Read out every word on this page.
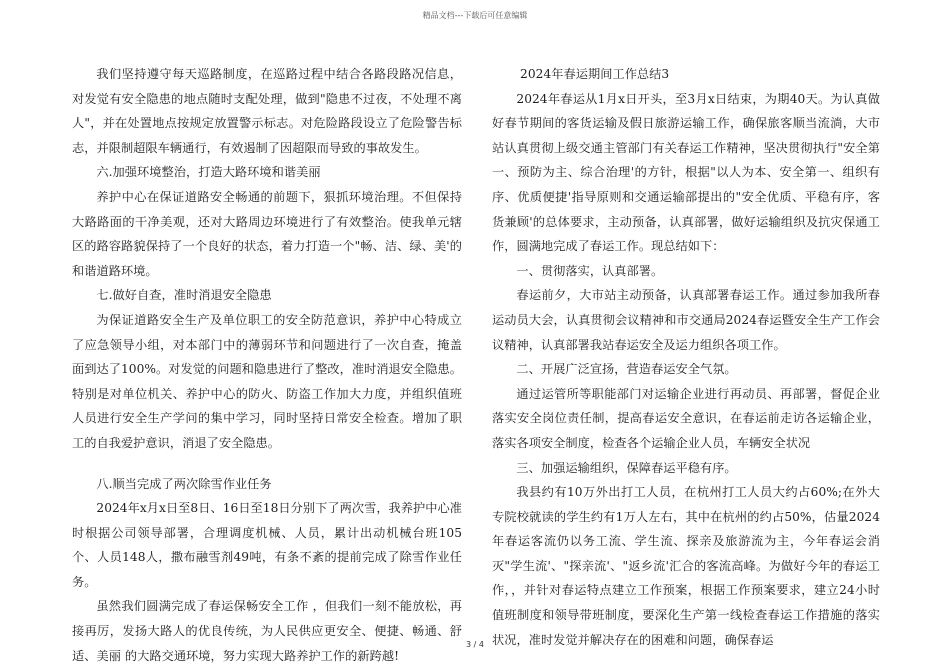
精品文档---下载后可任意编辑

我们坚持遵守每天巡路制度，在巡路过程中结合各路段路况信息，对发觉有安全隐患的地点随时支配处理，做到"隐患不过夜，不处理不离人"，并在处置地点按规定放置警示标志。对危险路段设立了危险警告标志，并限制超限车辆通行，有效遏制了因超限而导致的事故发生。

六.加强环境整治，打造大路环境和谐美丽

养护中心在保证道路安全畅通的前题下，狠抓环境治理。不但保持大路路面的干净美观，还对大路周边环境进行了有效整治。使我单元辖区的路容路貌保持了一个良好的状态，着力打造一个"畅、洁、绿、美'的和谐道路环境。

七.做好自查，准时消退安全隐患

为保证道路安全生产及单位职工的安全防范意识，养护中心特成立了应急领导小组，对本部门中的薄弱环节和问题进行了一次自查，掩盖面到达了100%。对发觉的问题和隐患进行了整改，准时消退安全隐患。特别是对单位机关、养护中心的防火、防盗工作加大力度，并组织值班人员进行安全生产学问的集中学习，同时坚持日常安全检查。增加了职工的自我爱护意识，消退了安全隐患。

八.顺当完成了两次除雪作业任务

2024年x月x日至8日、16日至18日分别下了两次雪，我养护中心准时根据公司领导部署，合理调度机械、人员，累计出动机械台班105个、人员148人，撒布融雪剂49吨，有条不紊的提前完成了除雪作业任务。

虽然我们圆满完成了春运保畅安全工作 ，但我们一刻不能放松，再接再厉，发扬大路人的优良传统，为人民供应更安全、便捷、畅通、舒适、美丽 的大路交通环境，努力实现大路养护工作的新跨越!

2024年春运期间工作总结3

2024年春运从1月x日开头，至3月x日结束，为期40天。为认真做好春节期间的客货运输及假日旅游运输工作，确保旅客顺当流淌，大市站认真贯彻上级交通主管部门有关春运工作精神，坚决贯彻执行"安全第一、预防为主、综合治理'的方针，根据"以人为本、安全第一、组织有序、优质便捷'指导原则和交通运输部提出的"安全优质、平稳有序，客货兼顾'的总体要求，主动预备，认真部署，做好运输组织及抗灾保通工作，圆满地完成了春运工作。现总结如下：

一、贯彻落实，认真部署。

春运前夕，大市站主动预备，认真部署春运工作。通过参加我所春运动员大会，认真贯彻会议精神和市交通局2024春运暨安全生产工作会议精神，认真部署我站春运安全及运力组织各项工作。

二、开展广泛宣扬，营造春运安全气氛。

通过运管所等职能部门对运输企业进行再动员、再部署，督促企业落实安全岗位责任制，提高春运安全意识，在春运前走访各运输企业，落实各项安全制度，检查各个运输企业人员，车辆安全状况

三、加强运输组织，保障春运平稳有序。

我县约有10万外出打工人员，在杭州打工人员大约占60%;在外大专院校就读的学生约有1万人左右，其中在杭州的约占50%，估量2024年春运客流仍以务工流、学生流、探亲及旅游流为主，今年春运会消灭"学生流'、"探亲流'、"返乡流'汇合的客流高峰。为做好今年的春运工作，，并针对春运特点建立工作预案，根据工作预案要求，建立24小时值班制度和领导带班制度，要深化生产第一线检查春运工作措施的落实状况，准时发觉并解决存在的困难和问题，确保春运

3 / 4
